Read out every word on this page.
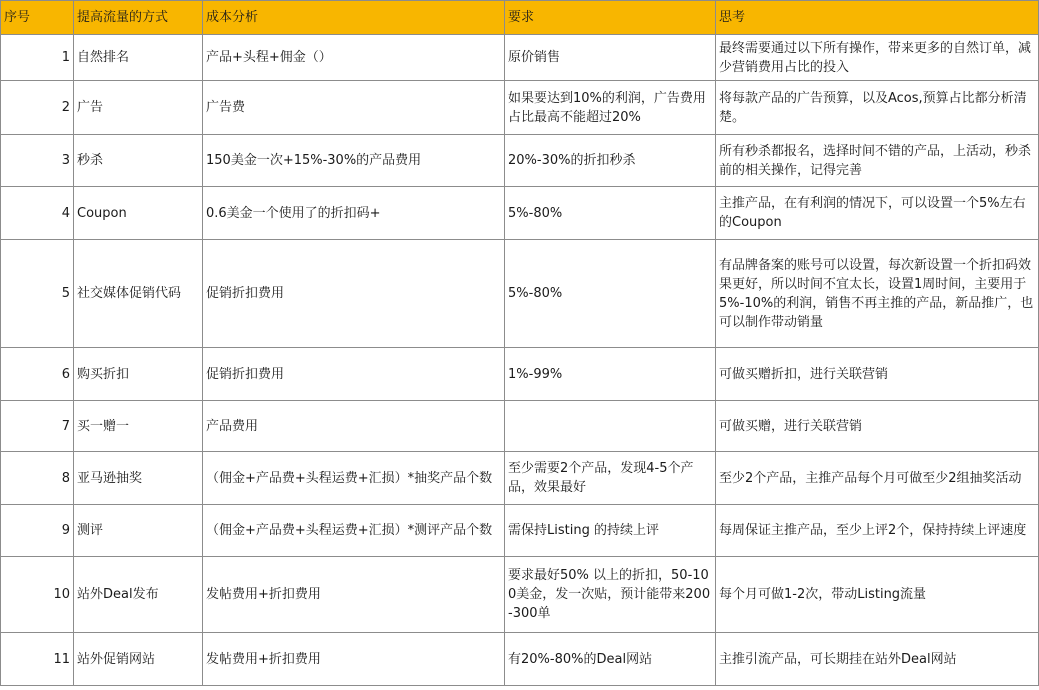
序号	提高流量的方式	成本分析	要求	思考
1	自然排名	产品+头程+佣金（）	原价销售	最终需要通过以下所有操作，带来更多的自然订单，减少营销费用占比的投入
2	广告	广告费	如果要达到10%的利润，广告费用占比最高不能超过20%	将每款产品的广告预算，以及Acos,预算占比都分析清楚。
3	秒杀	150美金一次+15%-30%的产品费用	20%-30%的折扣秒杀	所有秒杀都报名，选择时间不错的产品，上活动，秒杀前的相关操作，记得完善
4	Coupon	0.6美金一个使用了的折扣码+	5%-80%	主推产品，在有利润的情况下，可以设置一个5%左右的Coupon
5	社交媒体促销代码	促销折扣费用	5%-80%	有品牌备案的账号可以设置，每次新设置一个折扣码效果更好，所以时间不宜太长，设置1周时间，主要用于5%-10%的利润，销售不再主推的产品，新品推广，也可以制作带动销量
6	购买折扣	促销折扣费用	1%-99%	可做买赠折扣，进行关联营销
7	买一赠一	产品费用		可做买赠，进行关联营销
8	亚马逊抽奖	（佣金+产品费+头程运费+汇损）*抽奖产品个数	至少需要2个产品，发现4-5个产品，效果最好	至少2个产品，主推产品每个月可做至少2组抽奖活动
9	测评	（佣金+产品费+头程运费+汇损）*测评产品个数	需保持Listing 的持续上评	每周保证主推产品，至少上评2个，保持持续上评速度
10	站外Deal发布	发帖费用+折扣费用	要求最好50% 以上的折扣，50-100美金，发一次贴，预计能带来200-300单	每个月可做1-2次，带动Listing流量
11	站外促销网站	发帖费用+折扣费用	有20%-80%的Deal网站	主推引流产品，可长期挂在站外Deal网站
